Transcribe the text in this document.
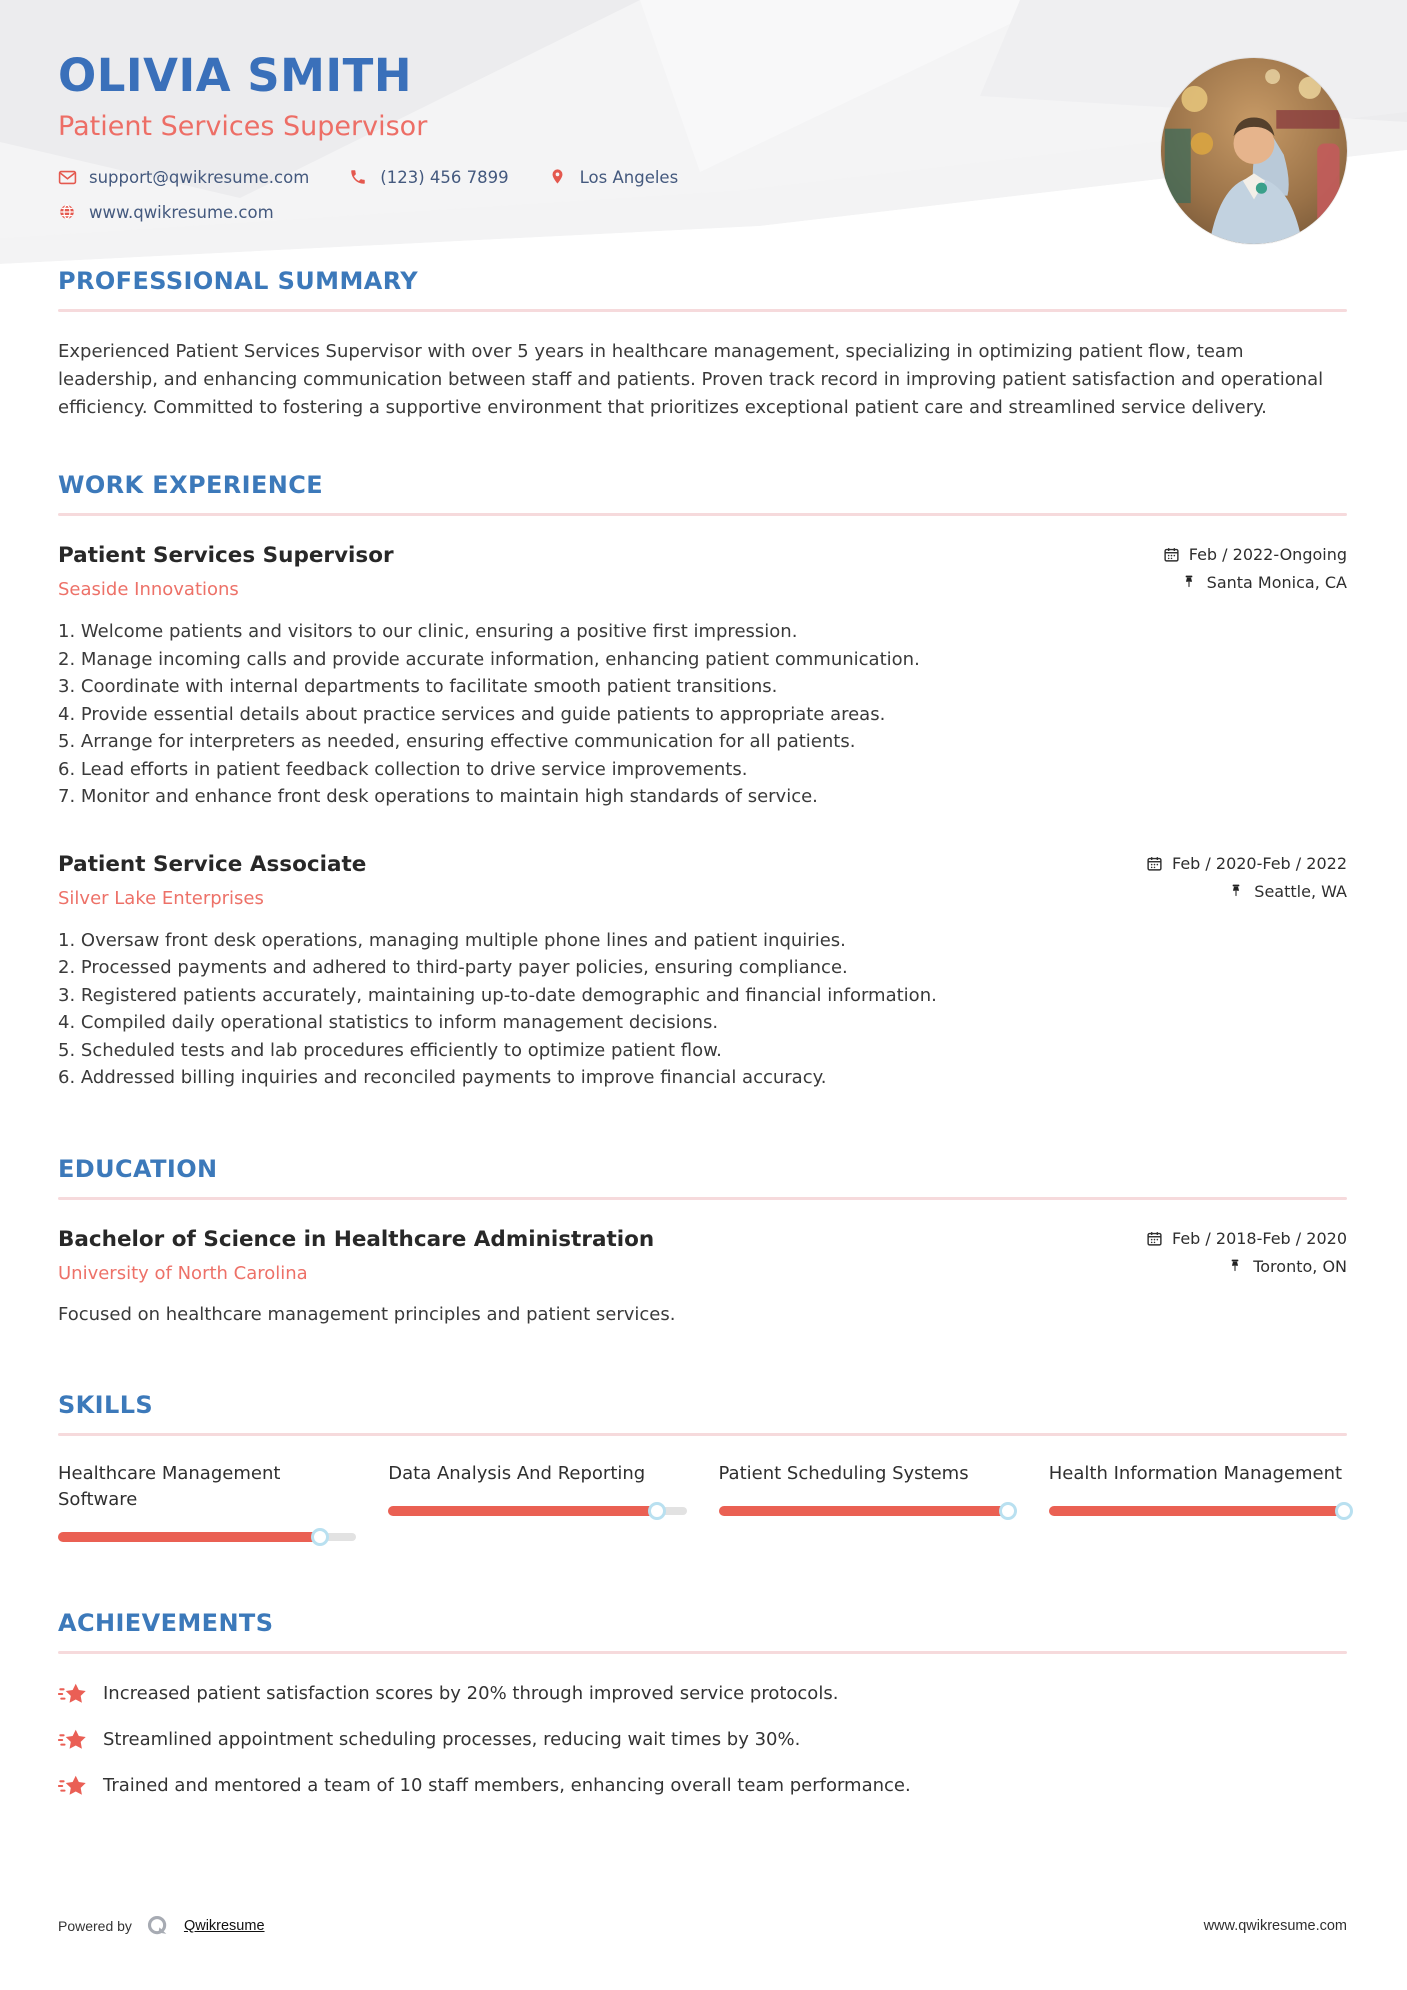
OLIVIA SMITH
Patient Services Supervisor
support@qwikresume.com	(123) 456 7899	Los Angeles
www.qwikresume.com
PROFESSIONAL SUMMARY

Experienced Patient Services Supervisor with over 5 years in healthcare management, specializing in optimizing patient flow, team leadership, and enhancing communication between staff and patients. Proven track record in improving patient satisfaction and operational efficiency. Committed to fostering a supportive environment that prioritizes exceptional patient care and streamlined service delivery.

WORK EXPERIENCE
Patient Services Supervisor
Seaside Innovations
Feb / 2022-Ongoing
Santa Monica, CA
1. Welcome patients and visitors to our clinic, ensuring a positive first impression.
2. Manage incoming calls and provide accurate information, enhancing patient communication.
3. Coordinate with internal departments to facilitate smooth patient transitions.
4. Provide essential details about practice services and guide patients to appropriate areas.
5. Arrange for interpreters as needed, ensuring effective communication for all patients.
6. Lead efforts in patient feedback collection to drive service improvements.
7. Monitor and enhance front desk operations to maintain high standards of service.
Patient Service Associate
Silver Lake Enterprises
Feb / 2020-Feb / 2022
Seattle, WA
1. Oversaw front desk operations, managing multiple phone lines and patient inquiries.
2. Processed payments and adhered to third-party payer policies, ensuring compliance.
3. Registered patients accurately, maintaining up-to-date demographic and financial information.
4. Compiled daily operational statistics to inform management decisions.
5. Scheduled tests and lab procedures efficiently to optimize patient flow.
6. Addressed billing inquiries and reconciled payments to improve financial accuracy.
EDUCATION
Bachelor of Science in Healthcare Administration
University of North Carolina
Feb / 2018-Feb / 2020
Toronto, ON
Focused on healthcare management principles and patient services.
SKILLS
Healthcare Management Software
Data Analysis And Reporting	Patient Scheduling Systems	Health Information Management
ACHIEVEMENTS
Increased patient satisfaction scores by 20% through improved service protocols.
Streamlined appointment scheduling processes, reducing wait times by 30%.
Trained and mentored a team of 10 staff members, enhancing overall team performance.
Powered by	Qwikresume	www.qwikresume.com
